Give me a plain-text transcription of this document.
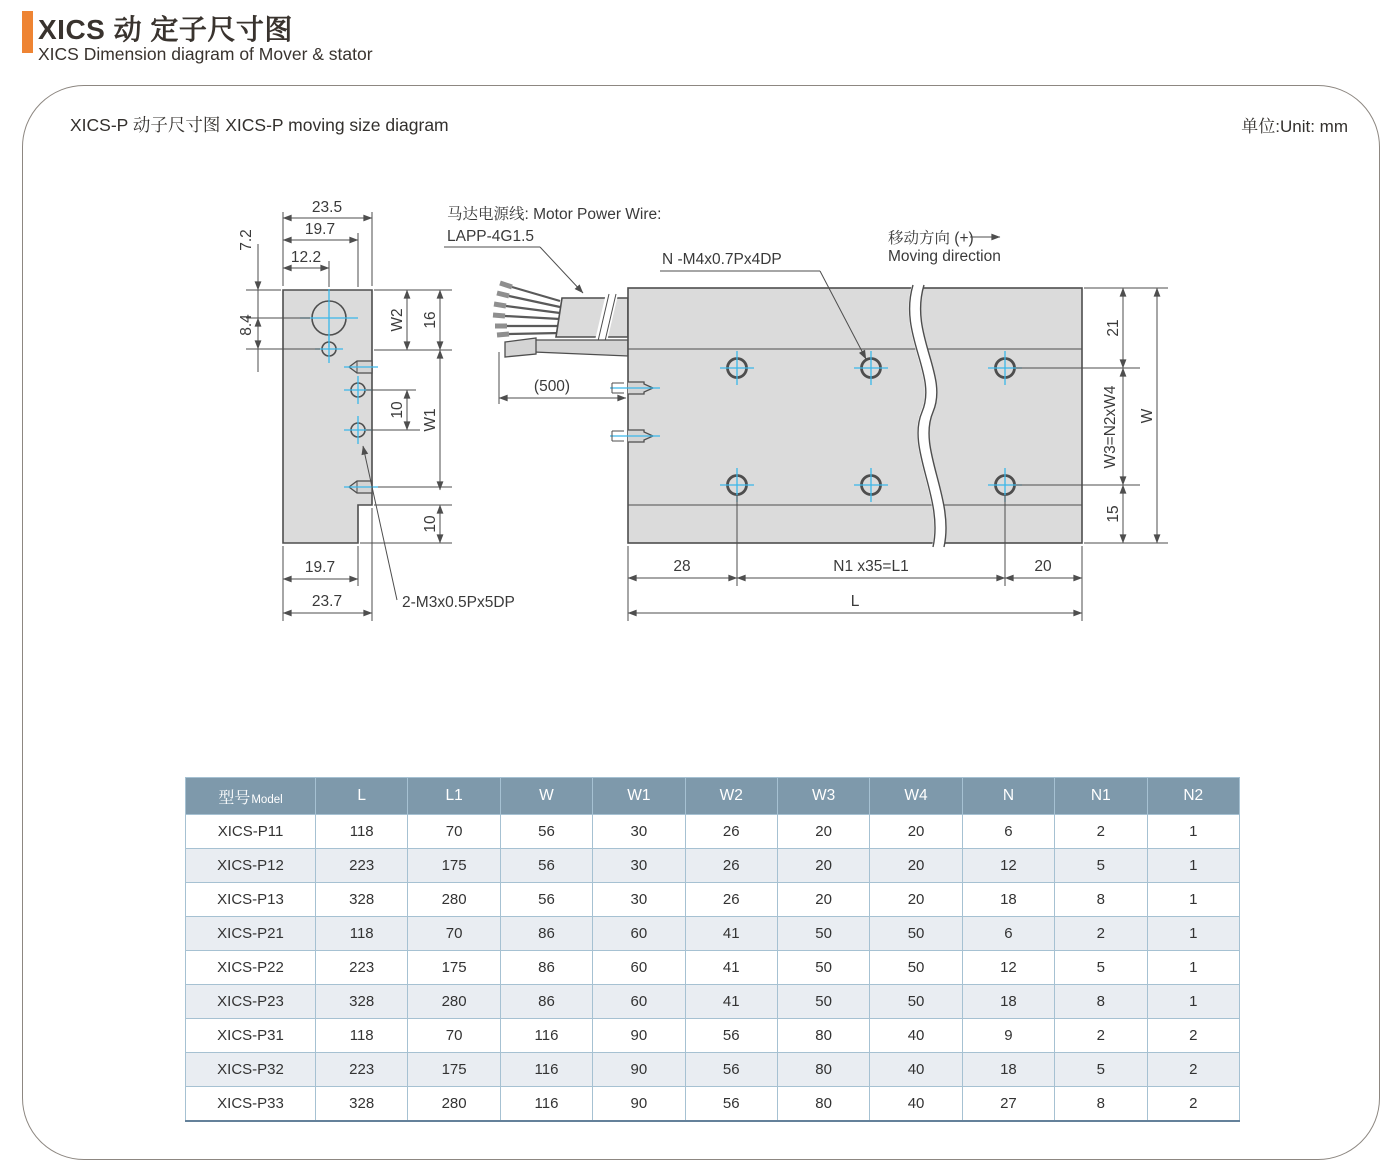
XICS 动 定子尺寸图
XICS Dimension diagram of Mover & stator
XICS-P 动子尺寸图 XICS-P moving size diagram	单位:Unit: mm
23.5
19.7
12.2
7.2
8.4	W2 16
10 W1
10
19.7
23.7	2-M3x0.5Px5DP
马达电源线: Motor Power Wire:
LAPP-4G1.5
(500)
N -M4x0.7Px4DP
移动方向 (+)
Moving direction
21
W3=N2xW4
15
W
28	N1 x35=L1	20
L
型号Model	L	L1	W	W1	W2	W3	W4	N	N1	N2
XICS-P11	118	70	56	30	26	20	20	6	2	1
XICS-P12	223	175	56	30	26	20	20	12	5	1
XICS-P13	328	280	56	30	26	20	20	18	8	1
XICS-P21	118	70	86	60	41	50	50	6	2	1
XICS-P22	223	175	86	60	41	50	50	12	5	1
XICS-P23	328	280	86	60	41	50	50	18	8	1
XICS-P31	118	70	116	90	56	80	40	9	2	2
XICS-P32	223	175	116	90	56	80	40	18	5	2
XICS-P33	328	280	116	90	56	80	40	27	8	2
